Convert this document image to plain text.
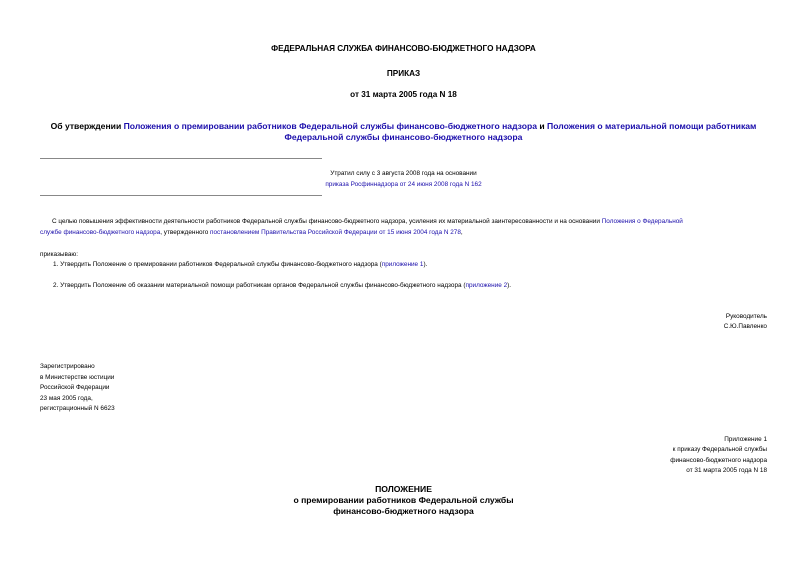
ФЕДЕРАЛЬНАЯ СЛУЖБА ФИНАНСОВО-БЮДЖЕТНОГО НАДЗОРА
ПРИКАЗ
от 31 марта 2005 года N 18
Об утверждении Положения о премировании работников Федеральной службы финансово-бюджетного надзора и Положения о материальной помощи работникам
Федеральной службы финансово-бюджетного надзора
Утратил силу с 3 августа 2008 года на основании
приказа Росфиннадзора от 24 июня 2008 года N 162
С целью повышения эффективности деятельности работников Федеральной службы финансово-бюджетного надзора, усиления их материальной заинтересованности и на основании Положения о Федеральной
службе финансово-бюджетного надзора, утвержденного постановлением Правительства Российской Федерации от 15 июня 2004 года N 278,
приказываю:
1. Утвердить Положение о премировании работников Федеральной службы финансово-бюджетного надзора (приложение 1).
2. Утвердить Положение об оказании материальной помощи работникам органов Федеральной службы финансово-бюджетного надзора (приложение 2).
Руководитель
С.Ю.Павленко
Зарегистрировано
в Министерстве юстиции
Российской Федерации
23 мая 2005 года,
регистрационный N 6623
Приложение 1
к приказу Федеральной службы
финансово-бюджетного надзора
от 31 марта 2005 года N 18
ПОЛОЖЕНИЕ
о премировании работников Федеральной службы
финансово-бюджетного надзора
